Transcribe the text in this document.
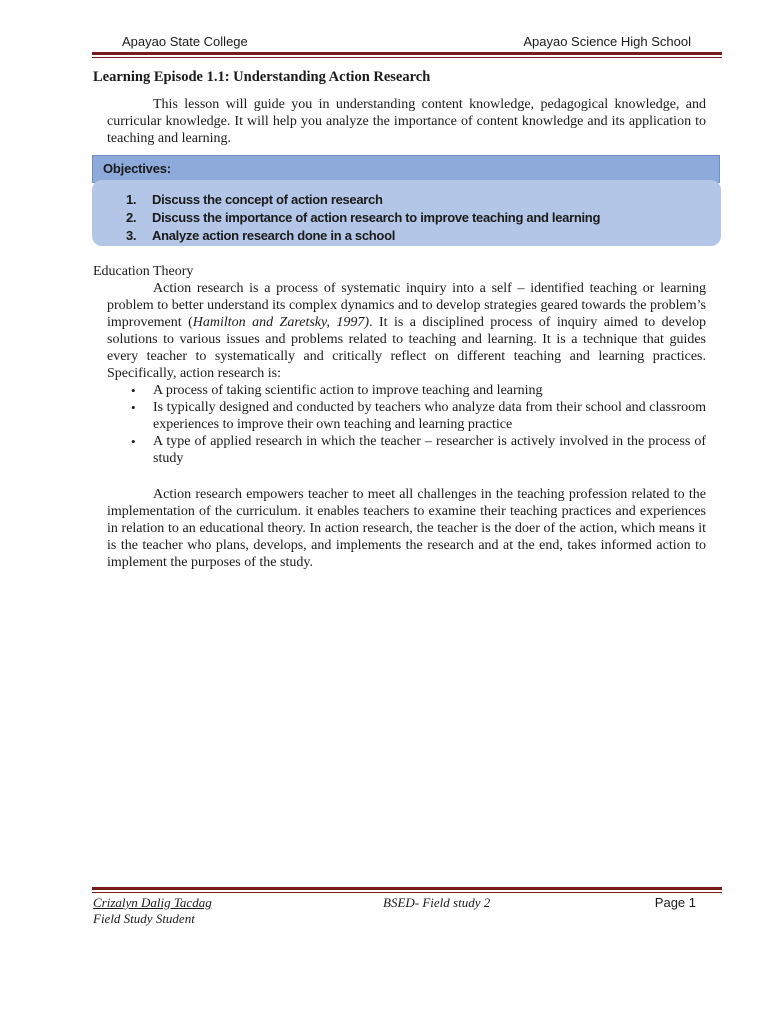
Apayao State College	Apayao Science High School
Learning Episode 1.1: Understanding Action Research

This lesson will guide you in understanding content knowledge, pedagogical knowledge, and curricular knowledge. It will help you analyze the importance of content knowledge and its application to teaching and learning.

Objectives:
1. Discuss the concept of action research
2. Discuss the importance of action research to improve teaching and learning
3. Analyze action research done in a school
Education Theory

Action research is a process of systematic inquiry into a self – identified teaching or learning problem to better understand its complex dynamics and to develop strategies geared towards the problem’s improvement (Hamilton and Zaretsky, 1997). It is a disciplined process of inquiry aimed to develop solutions to various issues and problems related to teaching and learning. It is a technique that guides every teacher to systematically and critically reflect on different teaching and learning practices. Specifically, action research is:

• A process of taking scientific action to improve teaching and learning
• Is typically designed and conducted by teachers who analyze data from their school and classroom experiences to improve their own teaching and learning practice
• A type of applied research in which the teacher – researcher is actively involved in the process of study

Action research empowers teacher to meet all challenges in the teaching profession related to the implementation of the curriculum. it enables teachers to examine their teaching practices and experiences in relation to an educational theory. In action research, the teacher is the doer of the action, which means it is the teacher who plans, develops, and implements the research and at the end, takes informed action to implement the purposes of the study.

Crizalyn Dalig Tacdag
Field Study Student
BSED- Field study 2	Page 1
